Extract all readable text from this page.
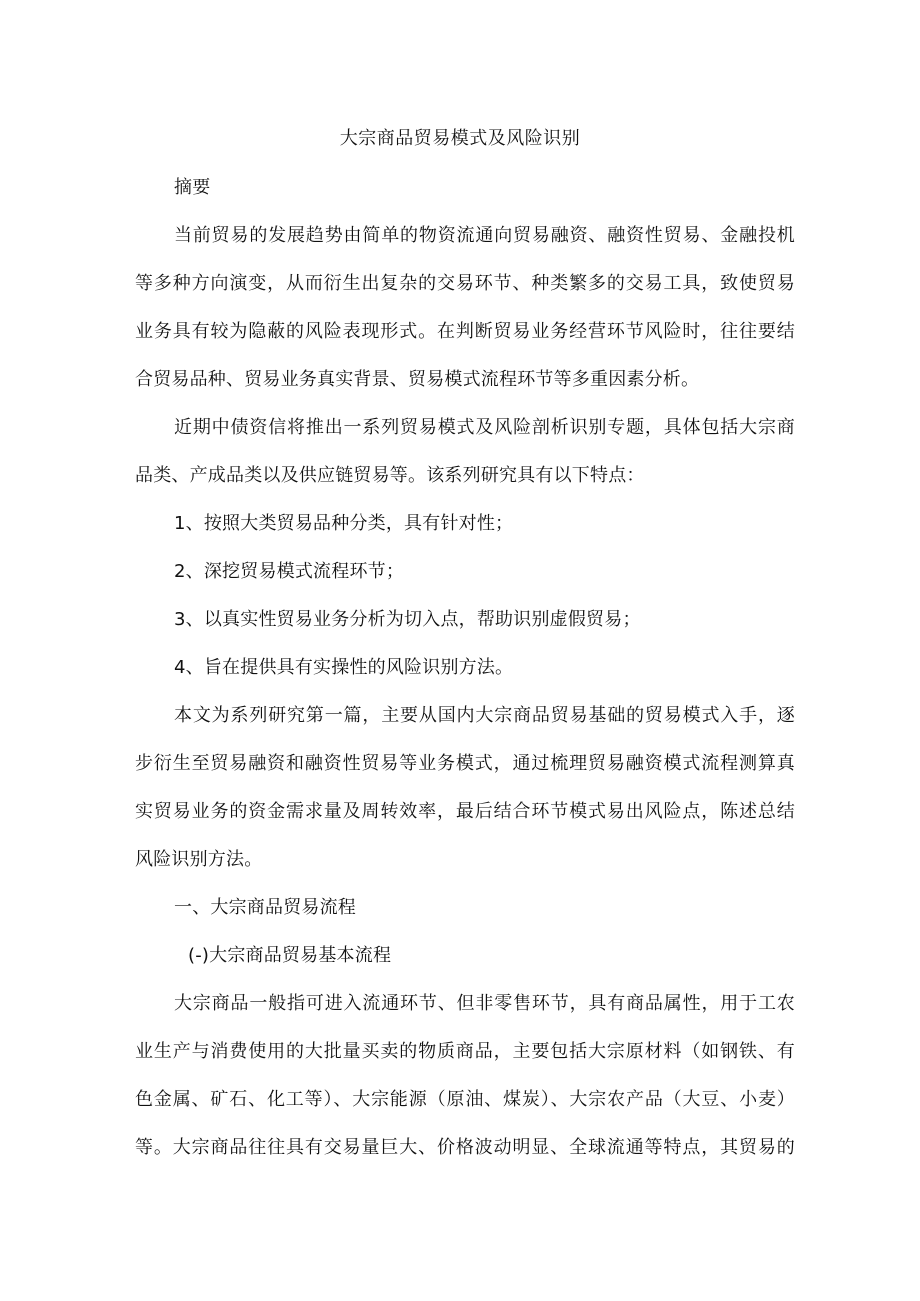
大宗商品贸易模式及风险识别
摘要
当前贸易的发展趋势由简单的物资流通向贸易融资、融资性贸易、金融投机
等多种方向演变，从而衍生出复杂的交易环节、种类繁多的交易工具，致使贸易
业务具有较为隐蔽的风险表现形式。在判断贸易业务经营环节风险时，往往要结
合贸易品种、贸易业务真实背景、贸易模式流程环节等多重因素分析。
近期中债资信将推出一系列贸易模式及风险剖析识别专题，具体包括大宗商
品类、产成品类以及供应链贸易等。该系列研究具有以下特点：
1、按照大类贸易品种分类，具有针对性；
2、深挖贸易模式流程环节；
3、以真实性贸易业务分析为切入点，帮助识别虚假贸易；
4、旨在提供具有实操性的风险识别方法。
本文为系列研究第一篇，主要从国内大宗商品贸易基础的贸易模式入手，逐
步衍生至贸易融资和融资性贸易等业务模式，通过梳理贸易融资模式流程测算真
实贸易业务的资金需求量及周转效率，最后结合环节模式易出风险点，陈述总结
风险识别方法。
一、大宗商品贸易流程
(-)大宗商品贸易基本流程
大宗商品一般指可进入流通环节、但非零售环节，具有商品属性，用于工农
业生产与消费使用的大批量买卖的物质商品，主要包括大宗原材料（如钢铁、有
色金属、矿石、化工等）、大宗能源（原油、煤炭）、大宗农产品（大豆、小麦）
等。大宗商品往往具有交易量巨大、价格波动明显、全球流通等特点，其贸易的
